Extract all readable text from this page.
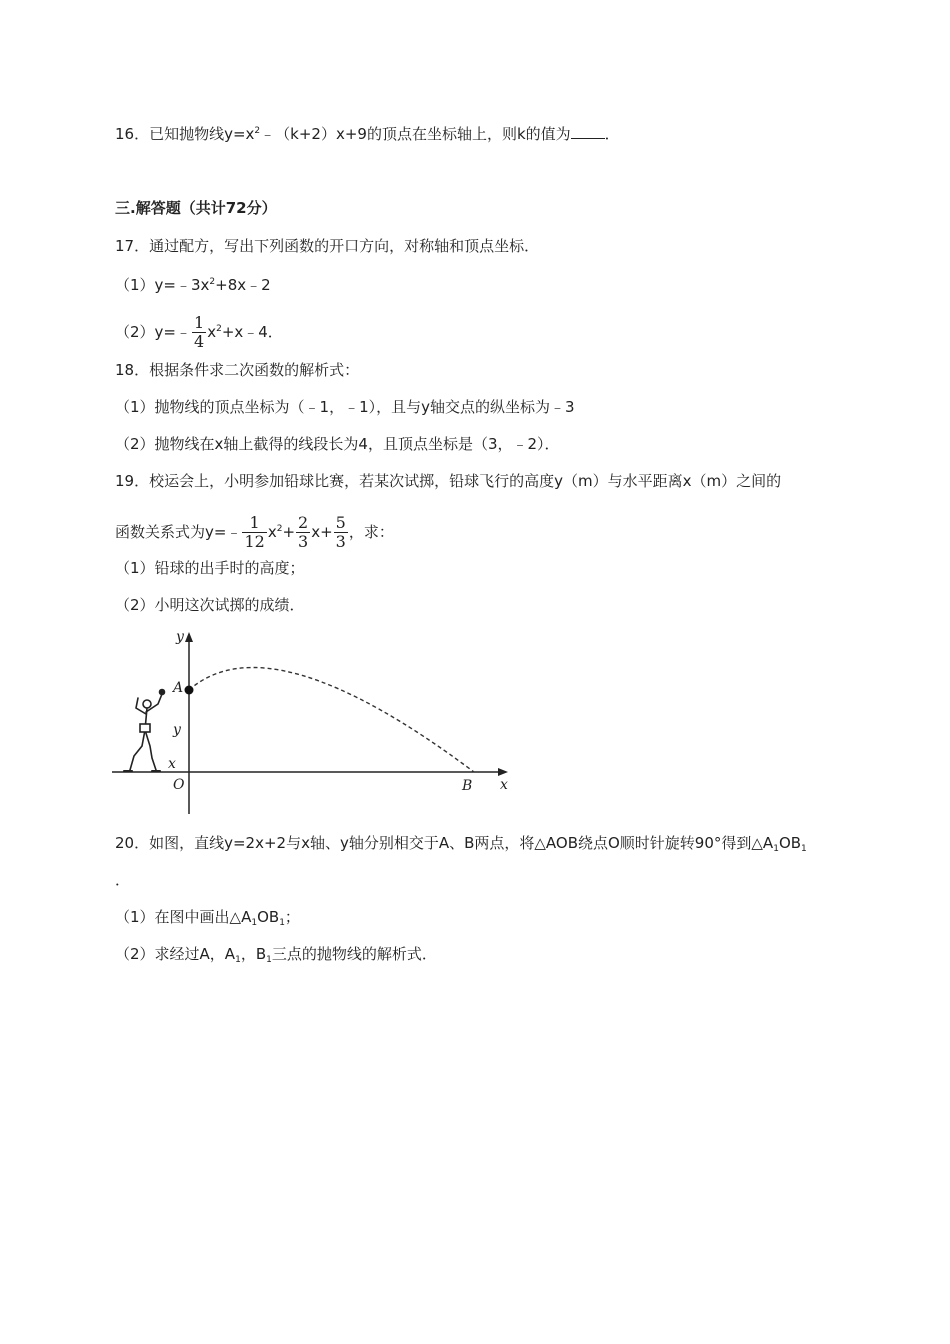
16．已知抛物线$y=x^2﹣(k+2)x+9$的顶点在坐标轴上，则k的值为 ．
三.解答题（共计72分）
17．通过配方，写出下列函数的开口方向，对称轴和顶点坐标．
$(1)y=﹣3x^2+8x﹣2$
（2）y=﹣ $\frac{1}{4}$ $x^2+x﹣4$．
18．根据条件求二次函数的解析式：
（1）抛物线的顶点坐标为（﹣1，﹣1），且与y轴交点的纵坐标为﹣3
（2）抛物线在x轴上截得的线段长为4，且顶点坐标是（3，﹣2）．
19．校运会上，小明参加铅球比赛，若某次试掷，铅球飞行的高度y（m）与水平距离x（m）之间的
函数关系式为y=﹣ $\frac{1}{12} x^2+ \frac{2}{3} x+ \frac{5}{3}$ ，求：
（1）铅球的出手时的高度；
（2）小明这次试掷的成绩．
y
x
A
O	B
y
x
20．如图，直线y=2x+2与x轴、y轴分别相交于A、B两点，将△AOB绕点O顺时针旋转90°得到$\triangle A_1OB_1$
．
（1）在图中画出$\triangle A_1OB_1$；
（2）求经过A，$A_1$，$B_1$三点的抛物线的解析式．
